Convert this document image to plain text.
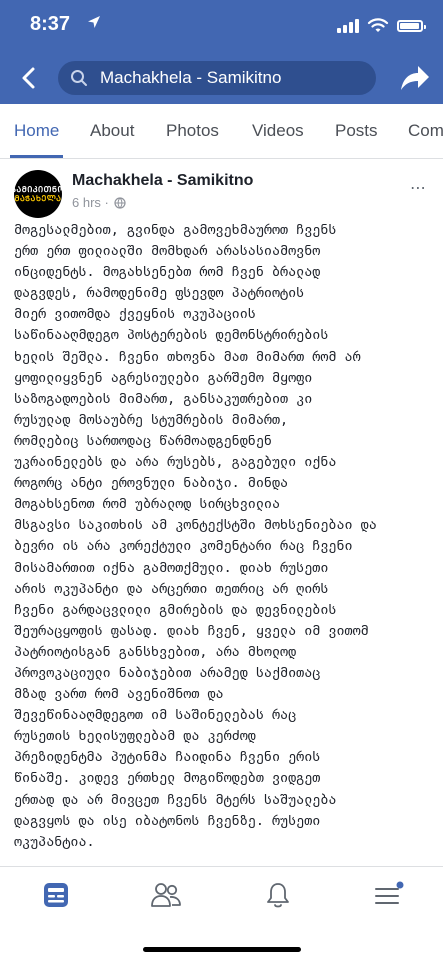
8:37
Machakhela - Samikitno
Home About Photos Videos Posts Com
ᲡᲐᲛᲘᲙᲘᲗᲜᲝ
ᲛᲐᲭᲐᲮᲔᲚᲐ
Machakhela - Samikitno
6 hrs ·
⋯
მოგესალმებით, გვინდა გამოვეხმაუროთ ჩვენს
ერთ ერთ ფილიალში მომხდარ არასასიამოვნო
ინციდენტს. მოგახსენებთ რომ ჩვენ ბრალად
დაგვდეს, რამოდენიმე ფსევდო პატრიოტის
მიერ ვითომდა ქვეყნის ოკუპაციის
საწინააღმდეგო პოსტერების დემონსტრირების
ხელის შეშლა. ჩვენი თხოვნა მათ მიმართ რომ არ
ყოფილიყვნენ აგრესიულები გარშემო მყოფი
საზოგადოების მიმართ, განსაკუთრებით კი
რუსულად მოსაუბრე სტუმრების მიმართ,
რომლებიც სართოდაც წარმოადგენდნენ
უკრაინელებს და არა რუსებს, გაგებული იქნა
როგორც ანტი ეროვნული ნაბიჯი. მინდა
მოგახსენოთ რომ უბრალოდ სირცხვილია
მსგავსი საკითხის ამ კონტექსტში მოხსენიებაი და
ბევრი ის არა კორექტული კომენტარი რაც ჩვენი
მისამართით იქნა გამოთქმული. დიახ რუსეთი
არის ოკუპანტი და არცერთი თეთრიც არ ღირს
ჩვენი გარდაცვლილი გმირების და დევნილების
შეურაცყოფის ფასად. დიახ ჩვენ, ყველა იმ ვითომ
პატრიოტისგან განსხვებით, არა მხოლოდ
პროვოკაციული ნაბიჯებით არამედ საქმითაც
მზად ვართ რომ ავენიშნოთ და
შევეწინააღმდეგოთ იმ საშინელებას რაც
რუსეთის ხელისუფლებამ და კერძოდ
პრეზიდენტმა პუტინმა ჩაიდინა ჩვენი ერის
წინაშე. კიდევ ერთხელ მოგიწოდებთ ვიდგეთ
ერთად და არ მივცეთ ჩვენს მტერს საშუალება
დაგვყოს და ისე იბატონოს ჩვენზე. რუსეთი
ოკუპანტია.
